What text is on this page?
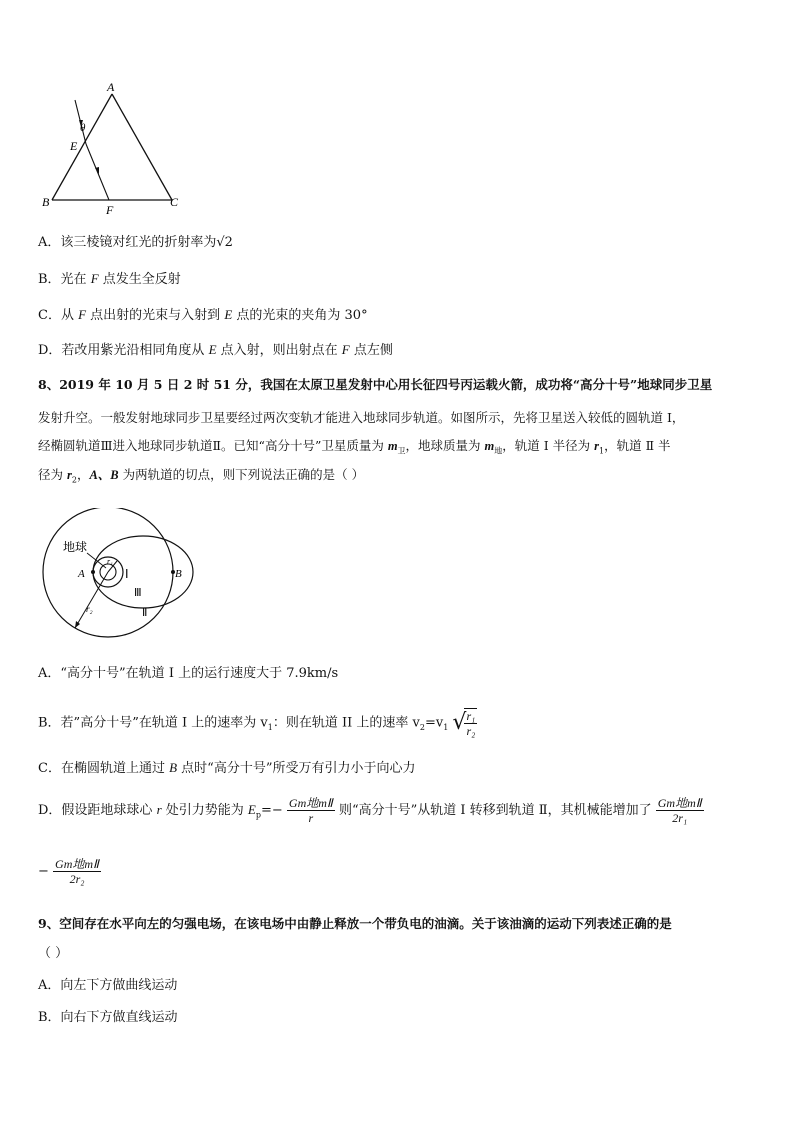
A
θ
E
B	C
F
A．该三棱镜对红光的折射率为√2
B．光在 F 点发生全反射
C．从 F 点出射的光束与入射到 E 点的光束的夹角为 30°
D．若改用紫光沿相同角度从 E 点入射，则出射点在 F 点左侧
8、2019 年 10 月 5 日 2 时 51 分，我国在太原卫星发射中心用长征四号丙运载火箭，成功将“高分十号”地球同步卫星
发射升空。一般发射地球同步卫星要经过两次变轨才能进入地球同步轨道。如图所示，先将卫星送入较低的圆轨道 Ⅰ，
经椭圆轨道Ⅲ进入地球同步轨道Ⅱ。已知“高分十号”卫星质量为 $m_卫$，地球质量为 $m_地$，轨道 Ⅰ 半径为 $r_1$，轨道 Ⅱ 半
径为 $r_2$，A、B 为两轨道的切点，则下列说法正确的是（ ）
地球
A	B
r₁
r₂
Ⅰ
Ⅲ
Ⅱ
A．“高分十号”在轨道 I 上的运行速度大于 7.9km/s
B．若”高分十号”在轨道 I 上的速率为 $v_1$：则在轨道 II 上的速率 $v_2=v_1$ √
$\frac{\text{r₁}}{\text{r₂}}$
C．在椭圆轨道上通过 B 点时“高分十号”所受万有引力小于向心力
D．假设距地球球心 r 处引力势能为 $E_p=- \frac{\text{Gm地mⅡ}}{r}$ 则“高分十号”从轨道 Ⅰ 转移到轨道 Ⅱ，其机械能增加了 $\frac{\text{Gm地mⅡ}}{\text{2r₁}}$
− $\frac{\text{Gm地mⅡ}}{\text{2r₂}}$
9、空间存在水平向左的匀强电场，在该电场中由静止释放一个带负电的油滴。关于该油滴的运动下列表述正确的是
（ ）
A．向左下方做曲线运动
B．向右下方做直线运动
